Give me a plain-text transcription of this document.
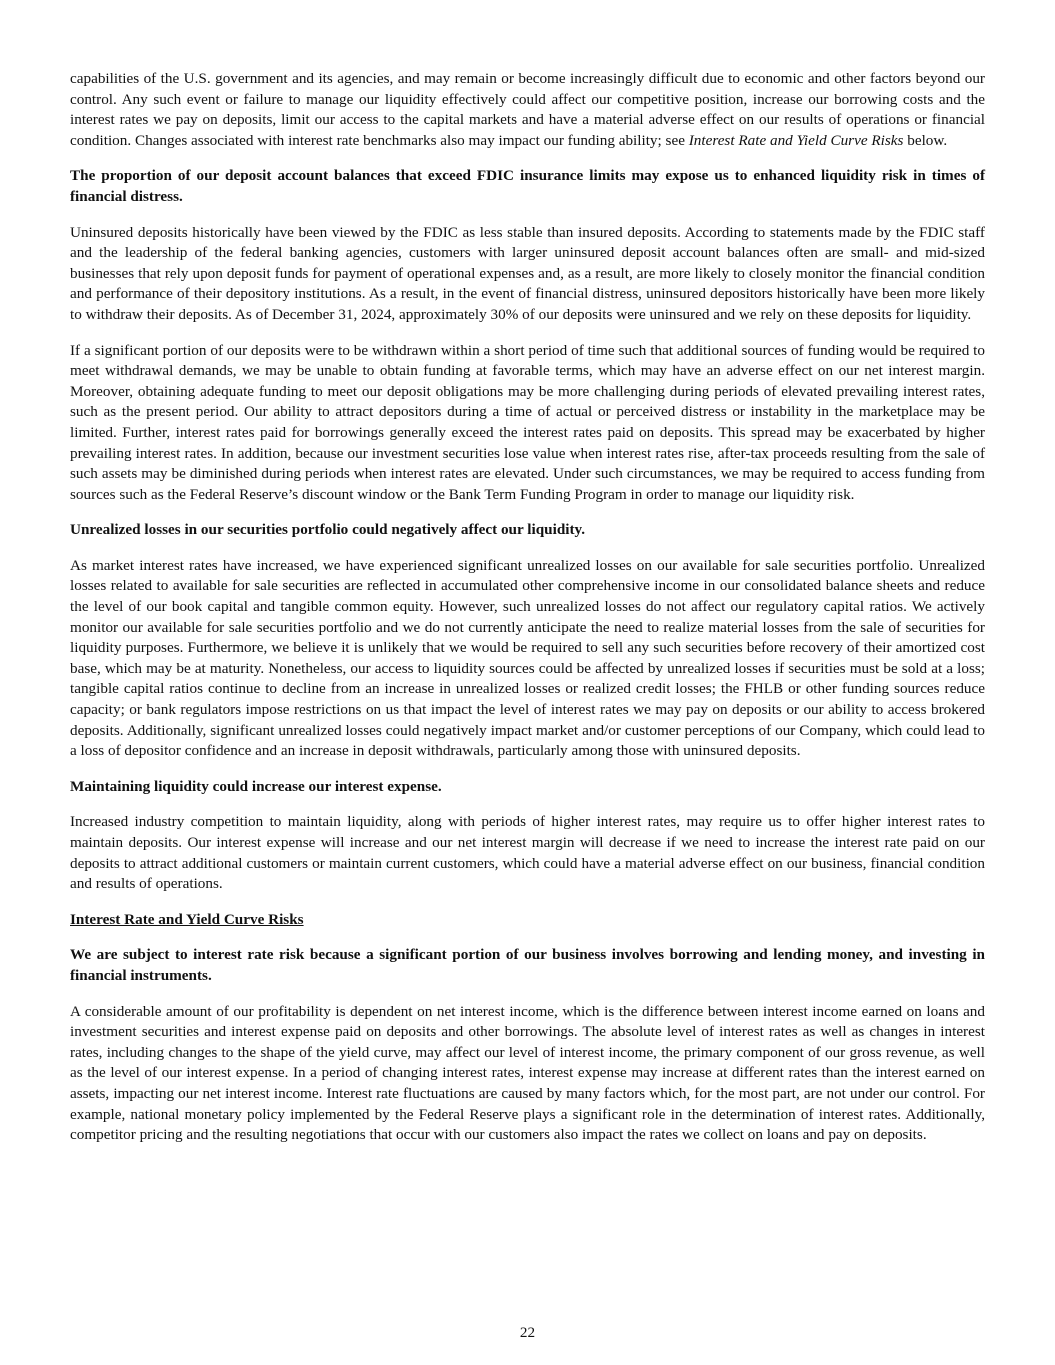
capabilities of the U.S. government and its agencies, and may remain or become increasingly difficult due to economic and other factors beyond our control. Any such event or failure to manage our liquidity effectively could affect our competitive position, increase our borrowing costs and the interest rates we pay on deposits, limit our access to the capital markets and have a material adverse effect on our results of operations or financial condition. Changes associated with interest rate benchmarks also may impact our funding ability; see Interest Rate and Yield Curve Risks below.

The proportion of our deposit account balances that exceed FDIC insurance limits may expose us to enhanced liquidity risk in times of financial distress.

Uninsured deposits historically have been viewed by the FDIC as less stable than insured deposits. According to statements made by the FDIC staff and the leadership of the federal banking agencies, customers with larger uninsured deposit account balances often are small- and mid-sized businesses that rely upon deposit funds for payment of operational expenses and, as a result, are more likely to closely monitor the financial condition and performance of their depository institutions. As a result, in the event of financial distress, uninsured depositors historically have been more likely to withdraw their deposits. As of December 31, 2024, approximately 30% of our deposits were uninsured and we rely on these deposits for liquidity.

If a significant portion of our deposits were to be withdrawn within a short period of time such that additional sources of funding would be required to meet withdrawal demands, we may be unable to obtain funding at favorable terms, which may have an adverse effect on our net interest margin. Moreover, obtaining adequate funding to meet our deposit obligations may be more challenging during periods of elevated prevailing interest rates, such as the present period. Our ability to attract depositors during a time of actual or perceived distress or instability in the marketplace may be limited. Further, interest rates paid for borrowings generally exceed the interest rates paid on deposits. This spread may be exacerbated by higher prevailing interest rates. In addition, because our investment securities lose value when interest rates rise, after-tax proceeds resulting from the sale of such assets may be diminished during periods when interest rates are elevated. Under such circumstances, we may be required to access funding from sources such as the Federal Reserve’s discount window or the Bank Term Funding Program in order to manage our liquidity risk.

Unrealized losses in our securities portfolio could negatively affect our liquidity.

As market interest rates have increased, we have experienced significant unrealized losses on our available for sale securities portfolio. Unrealized losses related to available for sale securities are reflected in accumulated other comprehensive income in our consolidated balance sheets and reduce the level of our book capital and tangible common equity. However, such unrealized losses do not affect our regulatory capital ratios. We actively monitor our available for sale securities portfolio and we do not currently anticipate the need to realize material losses from the sale of securities for liquidity purposes. Furthermore, we believe it is unlikely that we would be required to sell any such securities before recovery of their amortized cost base, which may be at maturity. Nonetheless, our access to liquidity sources could be affected by unrealized losses if securities must be sold at a loss; tangible capital ratios continue to decline from an increase in unrealized losses or realized credit losses; the FHLB or other funding sources reduce capacity; or bank regulators impose restrictions on us that impact the level of interest rates we may pay on deposits or our ability to access brokered deposits. Additionally, significant unrealized losses could negatively impact market and/or customer perceptions of our Company, which could lead to a loss of depositor confidence and an increase in deposit withdrawals, particularly among those with uninsured deposits.

Maintaining liquidity could increase our interest expense.

Increased industry competition to maintain liquidity, along with periods of higher interest rates, may require us to offer higher interest rates to maintain deposits. Our interest expense will increase and our net interest margin will decrease if we need to increase the interest rate paid on our deposits to attract additional customers or maintain current customers, which could have a material adverse effect on our business, financial condition and results of operations.

Interest Rate and Yield Curve Risks

We are subject to interest rate risk because a significant portion of our business involves borrowing and lending money, and investing in financial instruments.

A considerable amount of our profitability is dependent on net interest income, which is the difference between interest income earned on loans and investment securities and interest expense paid on deposits and other borrowings. The absolute level of interest rates as well as changes in interest rates, including changes to the shape of the yield curve, may affect our level of interest income, the primary component of our gross revenue, as well as the level of our interest expense. In a period of changing interest rates, interest expense may increase at different rates than the interest earned on assets, impacting our net interest income. Interest rate fluctuations are caused by many factors which, for the most part, are not under our control. For example, national monetary policy implemented by the Federal Reserve plays a significant role in the determination of interest rates. Additionally, competitor pricing and the resulting negotiations that occur with our customers also impact the rates we collect on loans and pay on deposits.

22
